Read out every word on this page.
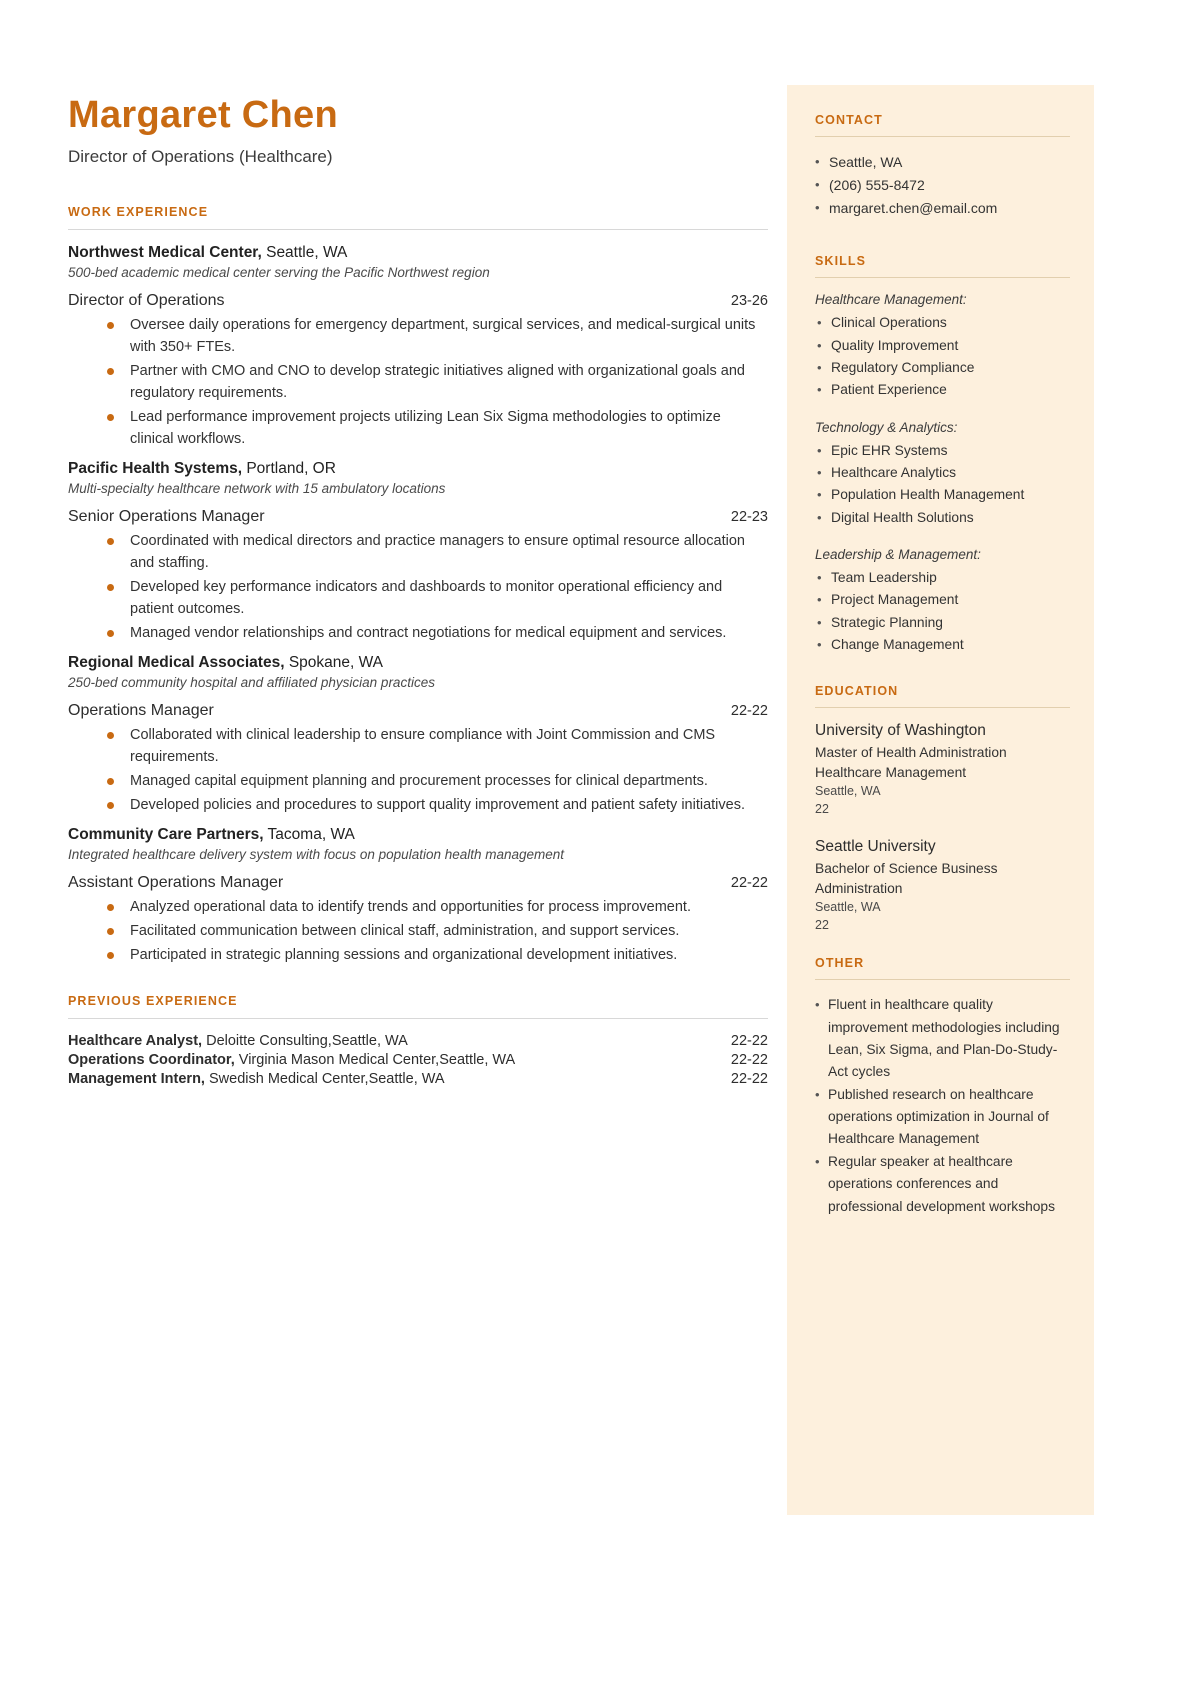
Margaret Chen
Director of Operations (Healthcare)
WORK EXPERIENCE
Northwest Medical Center, Seattle, WA
500-bed academic medical center serving the Pacific Northwest region
Director of Operations	23-26
Oversee daily operations for emergency department, surgical services, and medical-surgical units with 350+ FTEs.
Partner with CMO and CNO to develop strategic initiatives aligned with organizational goals and regulatory requirements.
Lead performance improvement projects utilizing Lean Six Sigma methodologies to optimize clinical workflows.
Pacific Health Systems, Portland, OR
Multi-specialty healthcare network with 15 ambulatory locations
Senior Operations Manager	22-23
Coordinated with medical directors and practice managers to ensure optimal resource allocation and staffing.
Developed key performance indicators and dashboards to monitor operational efficiency and patient outcomes.
Managed vendor relationships and contract negotiations for medical equipment and services.
Regional Medical Associates, Spokane, WA
250-bed community hospital and affiliated physician practices
Operations Manager	22-22
Collaborated with clinical leadership to ensure compliance with Joint Commission and CMS requirements.
Managed capital equipment planning and procurement processes for clinical departments.
Developed policies and procedures to support quality improvement and patient safety initiatives.
Community Care Partners, Tacoma, WA
Integrated healthcare delivery system with focus on population health management
Assistant Operations Manager	22-22
Analyzed operational data to identify trends and opportunities for process improvement.
Facilitated communication between clinical staff, administration, and support services.
Participated in strategic planning sessions and organizational development initiatives.
PREVIOUS EXPERIENCE
Healthcare Analyst, Deloitte Consulting,Seattle, WA	22-22
Operations Coordinator, Virginia Mason Medical Center,Seattle, WA	22-22
Management Intern, Swedish Medical Center,Seattle, WA	22-22
CONTACT
• Seattle, WA
• (206) 555-8472
• margaret.chen@email.com
SKILLS
Healthcare Management:
• Clinical Operations
• Quality Improvement
• Regulatory Compliance
• Patient Experience
Technology & Analytics:
• Epic EHR Systems
• Healthcare Analytics
• Population Health Management
• Digital Health Solutions
Leadership & Management:
• Team Leadership
• Project Management
• Strategic Planning
• Change Management
EDUCATION
University of Washington
Master of Health Administration Healthcare Management
Seattle, WA
22
Seattle University
Bachelor of Science Business Administration
Seattle, WA
22
OTHER
• Fluent in healthcare quality improvement methodologies including Lean, Six Sigma, and Plan-Do-Study-Act cycles
• Published research on healthcare operations optimization in Journal of Healthcare Management
• Regular speaker at healthcare operations conferences and professional development workshops
